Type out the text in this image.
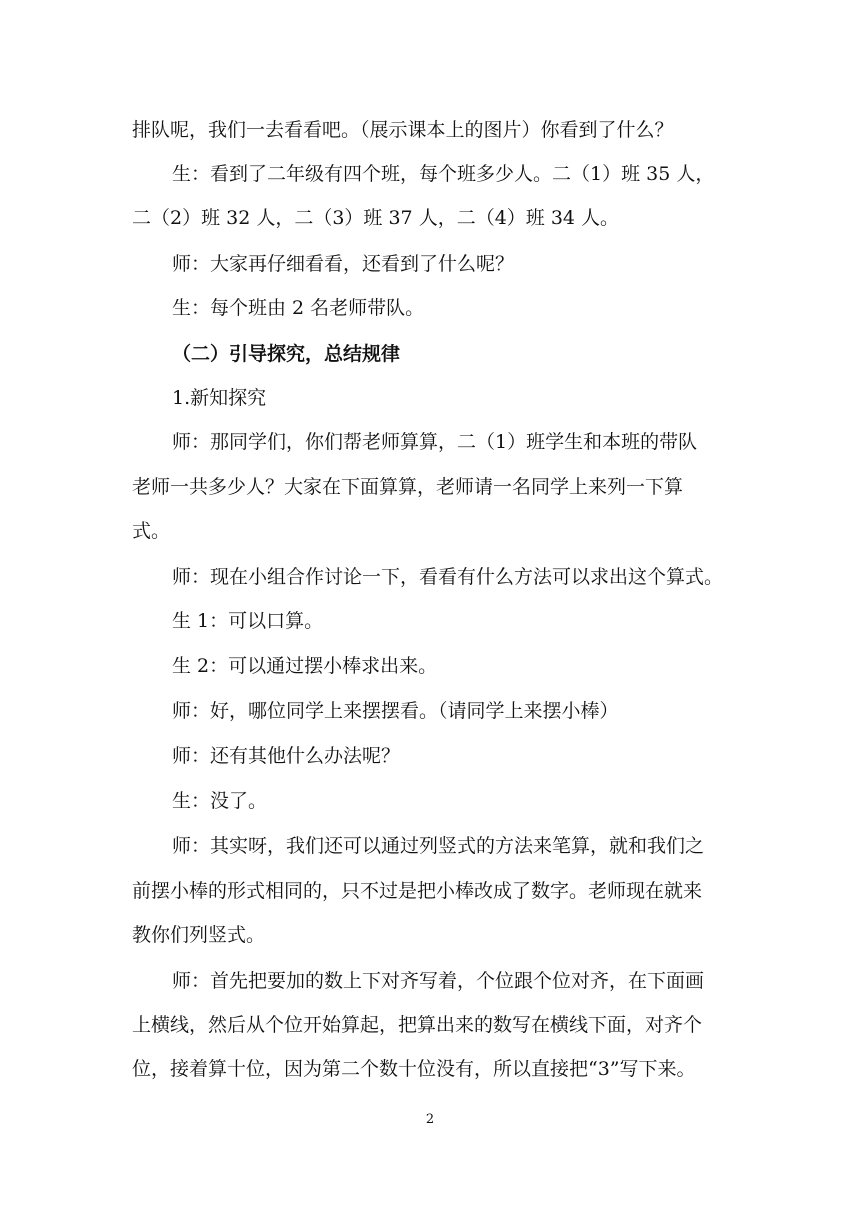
排队呢，我们一去看看吧。（展示课本上的图片）你看到了什么？
生：看到了二年级有四个班，每个班多少人。二（1）班 35 人，
二（2）班 32 人，二（3）班 37 人，二（4）班 34 人。
师：大家再仔细看看，还看到了什么呢？
生：每个班由 2 名老师带队。
（二）引导探究，总结规律
1.新知探究
师：那同学们，你们帮老师算算，二（1）班学生和本班的带队
老师一共多少人？大家在下面算算，老师请一名同学上来列一下算
式。
师：现在小组合作讨论一下，看看有什么方法可以求出这个算式。
生 1：可以口算。
生 2：可以通过摆小棒求出来。
师：好，哪位同学上来摆摆看。（请同学上来摆小棒）
师：还有其他什么办法呢？
生：没了。
师：其实呀，我们还可以通过列竖式的方法来笔算，就和我们之
前摆小棒的形式相同的，只不过是把小棒改成了数字。老师现在就来
教你们列竖式。
师：首先把要加的数上下对齐写着，个位跟个位对齐，在下面画
上横线，然后从个位开始算起，把算出来的数写在横线下面，对齐个
位，接着算十位，因为第二个数十位没有，所以直接把“3”写下来。
2
